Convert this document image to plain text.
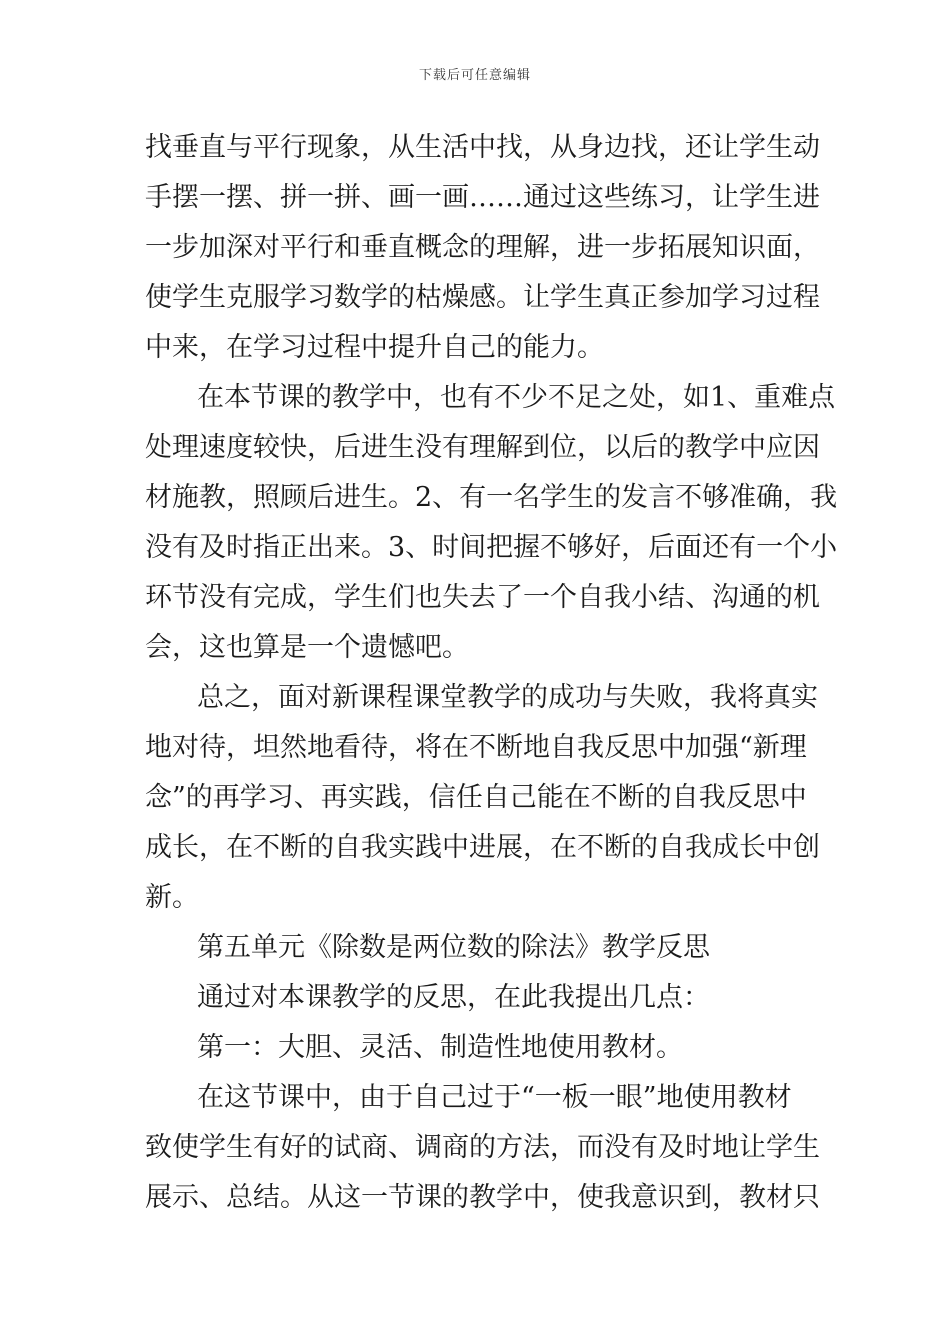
下载后可任意编辑
找垂直与平行现象，从生活中找，从身边找，还让学生动
手摆一摆、拼一拼、画一画……通过这些练习，让学生进
一步加深对平行和垂直概念的理解，进一步拓展知识面，
使学生克服学习数学的枯燥感。让学生真正参加学习过程
中来，在学习过程中提升自己的能力。
在本节课的教学中，也有不少不足之处，如1、重难点
处理速度较快，后进生没有理解到位，以后的教学中应因
材施教，照顾后进生。2、有一名学生的发言不够准确，我
没有及时指正出来。3、时间把握不够好，后面还有一个小
环节没有完成，学生们也失去了一个自我小结、沟通的机
会，这也算是一个遗憾吧。
总之，面对新课程课堂教学的成功与失败，我将真实
地对待，坦然地看待，将在不断地自我反思中加强“新理
念”的再学习、再实践，信任自己能在不断的自我反思中
成长，在不断的自我实践中进展，在不断的自我成长中创
新。
第五单元《除数是两位数的除法》教学反思
通过对本课教学的反思，在此我提出几点：
第一：大胆、灵活、制造性地使用教材。
在这节课中，由于自己过于“一板一眼”地使用教材
致使学生有好的试商、调商的方法，而没有及时地让学生
展示、总结。从这一节课的教学中，使我意识到，教材只
